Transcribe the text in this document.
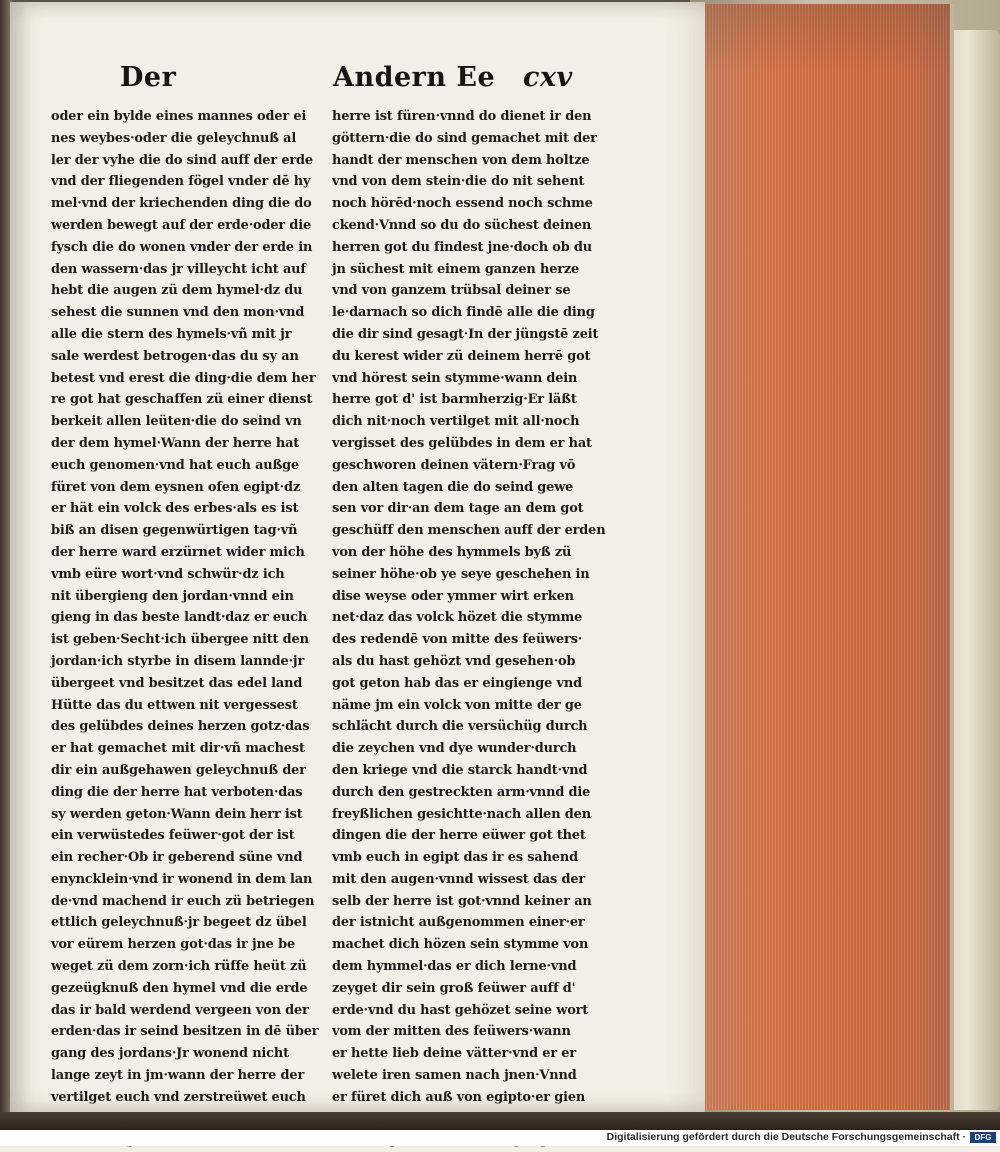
Der	Andern Ee cxv
oder ein bylde eines mannes oder ei
nes weybes·oder die geleychnuß al
ler der vyhe die do sind auff der erde
vnd der fliegenden fögel vnder dē hy
mel·vnd der kriechenden ding die do
werden bewegt auf der erde·oder die
fysch die do wonen vnder der erde in
den wassern·das jr villeycht icht auf
hebt die augen zü dem hymel·dz du
sehest die sunnen vnd den mon·vnd
alle die stern des hymels·vñ mit jr
sale werdest betrogen·das du sy an
betest vnd erest die ding·die dem her
re got hat geschaffen zü einer dienst
berkeit allen leüten·die do seind vn
der dem hymel·Wann der herre hat
euch genomen·vnd hat euch außge
füret von dem eysnen ofen egipt·dz
er hät ein volck des erbes·als es ist
biß an disen gegenwürtigen tag·vñ
der herre ward erzürnet wider mich
vmb eüre wort·vnd schwür·dz ich
nit übergieng den jordan·vnnd ein
gieng in das beste landt·daz er euch
ist geben·Secht·ich übergee nitt den
jordan·ich styrbe in disem lannde·jr
übergeet vnd besitzet das edel land
Hütte das du ettwen nit vergessest
des gelübdes deines herzen gotz·das
er hat gemachet mit dir·vñ machest
dir ein außgehawen geleychnuß der
ding die der herre hat verboten·das
sy werden geton·Wann dein herr ist
ein verwüstedes feüwer·got der ist
ein recher·Ob ir geberend süne vnd
enyncklein·vnd ir wonend in dem lan
de·vnd machend ir euch zü betriegen
ettlich geleychnuß·jr begeet dz übel
vor eürem herzen got·das ir jne be
weget zü dem zorn·ich rüffe heüt zü
gezeügknuß den hymel vnd die erde
das ir bald werdend vergeen von der
erden·das ir seind besitzen in dē über
gang des jordans·Jr wonend nicht
lange zeyt in jm·wann der herre der
vertilget euch vnd zerstreüwet euch
herre ist füren·vnnd do dienet ir den
göttern·die do sind gemachet mit der
handt der menschen von dem holtze
vnd von dem stein·die do nit sehent
noch hörēd·noch essend noch schme
ckend·Vnnd so du do süchest deinen
herren got du findest jne·doch ob du
jn süchest mit einem ganzen herze
vnd von ganzem trübsal deiner se
le·darnach so dich findē alle die ding
die dir sind gesagt·In der jüngstē zeit
du kerest wider zü deinem herrē got
vnd hörest sein stymme·wann dein
herre got d' ist barmherzig·Er läßt
dich nit·noch vertilget mit all·noch
vergisset des gelübdes in dem er hat
geschworen deinen vätern·Frag vō
den alten tagen die do seind gewe
sen vor dir·an dem tage an dem got
geschüff den menschen auff der erden
von der höhe des hymmels byß zü
seiner höhe·ob ye seye geschehen in
dise weyse oder ymmer wirt erken
net·daz das volck hözet die stymme
des redendē von mitte des feüwers·
als du hast gehözt vnd gesehen·ob
got geton hab das er eingienge vnd
näme jm ein volck von mitte der ge
schlächt durch die versüchüg durch
die zeychen vnd dye wunder·durch
den kriege vnd die starck handt·vnd
durch den gestreckten arm·vnnd die
freyßlichen gesichtte·nach allen den
dingen die der herre eüwer got thet
vmb euch in egipt das ir es sahend
mit den augen·vnnd wissest das der
selb der herre ist got·vnnd keiner an
der istnicht außgenommen einer·er
machet dich hözen sein stymme von
dem hymmel·das er dich lerne·vnd
zeyget dir sein groß feüwer auff d'
erde·vnd du hast gehözet seine wort
vom der mitten des feüwers·wann
er hette lieb deine vätter·vnd er er
welete iren samen nach jnen·Vnnd
er füret dich auß von egipto·er gien
Digitalisierung gefördert durch die Deutsche Forschungsgemeinschaft ·	DFG
